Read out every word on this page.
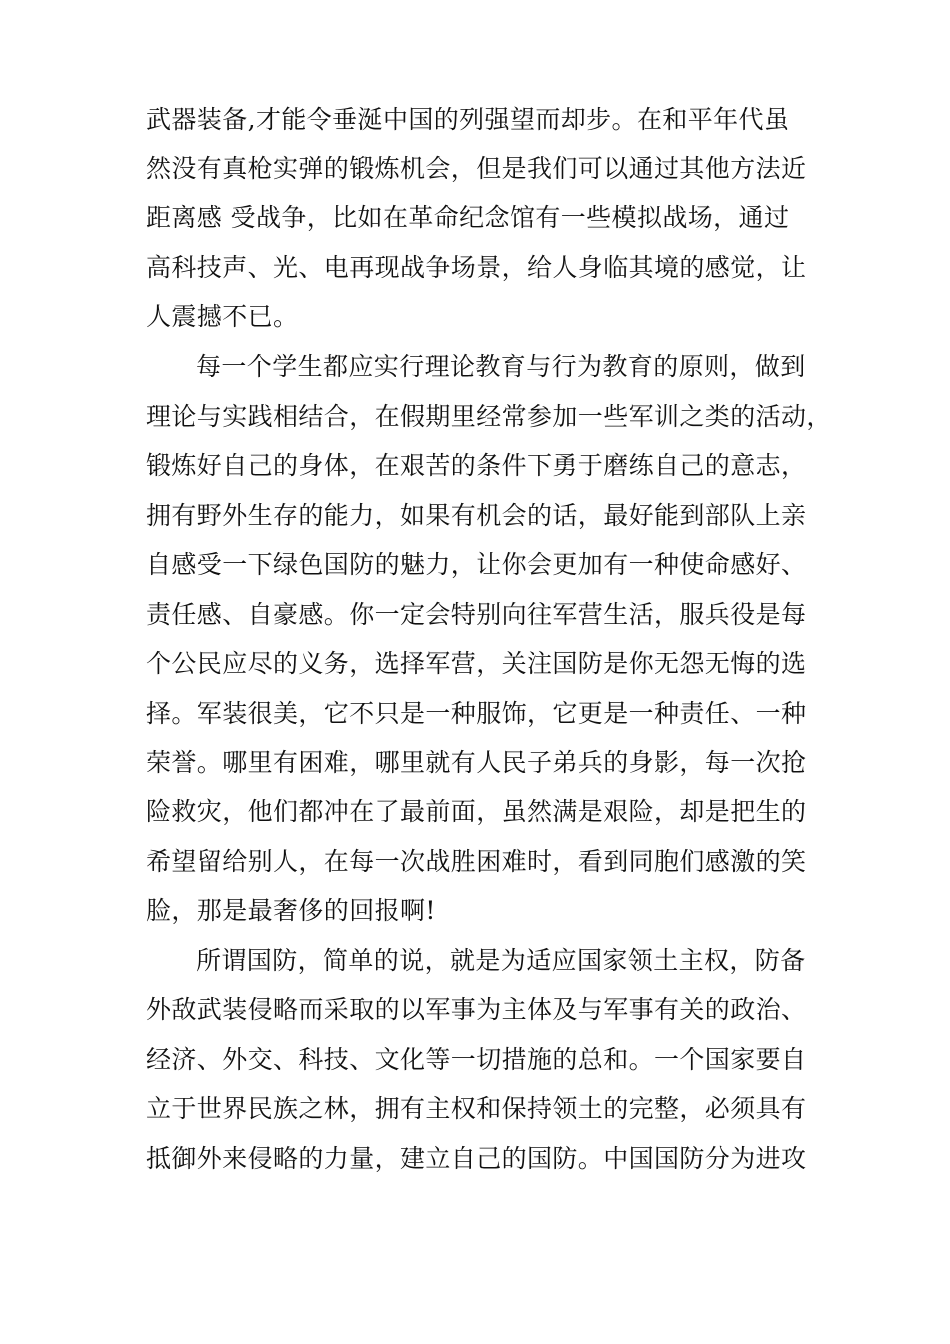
武器装备,才能令垂涎中国的列强望而却步。在和平年代虽
然没有真枪实弹的锻炼机会，但是我们可以通过其他方法近
距离感 受战争，比如在革命纪念馆有一些模拟战场，通过
高科技声、光、电再现战争场景，给人身临其境的感觉，让
人震撼不已。
每一个学生都应实行理论教育与行为教育的原则，做到
理论与实践相结合，在假期里经常参加一些军训之类的活动，
锻炼好自己的身体，在艰苦的条件下勇于磨练自己的意志，
拥有野外生存的能力，如果有机会的话，最好能到部队上亲
自感受一下绿色国防的魅力，让你会更加有一种使命感好、
责任感、自豪感。你一定会特别向往军营生活，服兵役是每
个公民应尽的义务，选择军营，关注国防是你无怨无悔的选
择。军装很美，它不只是一种服饰，它更是一种责任、一种
荣誉。哪里有困难，哪里就有人民子弟兵的身影，每一次抢
险救灾，他们都冲在了最前面，虽然满是艰险，却是把生的
希望留给别人，在每一次战胜困难时，看到同胞们感激的笑
脸，那是最奢侈的回报啊!
所谓国防，简单的说，就是为适应国家领土主权，防备
外敌武装侵略而采取的以军事为主体及与军事有关的政治、
经济、外交、科技、文化等一切措施的总和。一个国家要自
立于世界民族之林，拥有主权和保持领土的完整，必须具有
抵御外来侵略的力量，建立自己的国防。中国国防分为进攻
